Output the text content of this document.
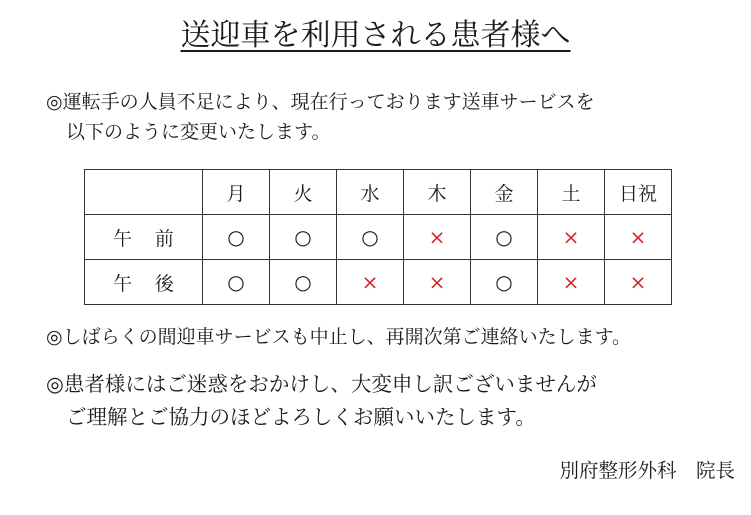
送迎車を利用される患者様へ

◎運転手の人員不足により、現在行っております送車サービスを
以下のように変更いたします。

	月	火	水	木	金	土	日祝
午前	○	○	○	×	○	×	×
午後	○	○	×	×	○	×	×

◎しばらくの間迎車サービスも中止し、再開次第ご連絡いたします。

◎患者様にはご迷惑をおかけし、大変申し訳ございませんが
ご理解とご協力のほどよろしくお願いいたします。

別府整形外科　院長
